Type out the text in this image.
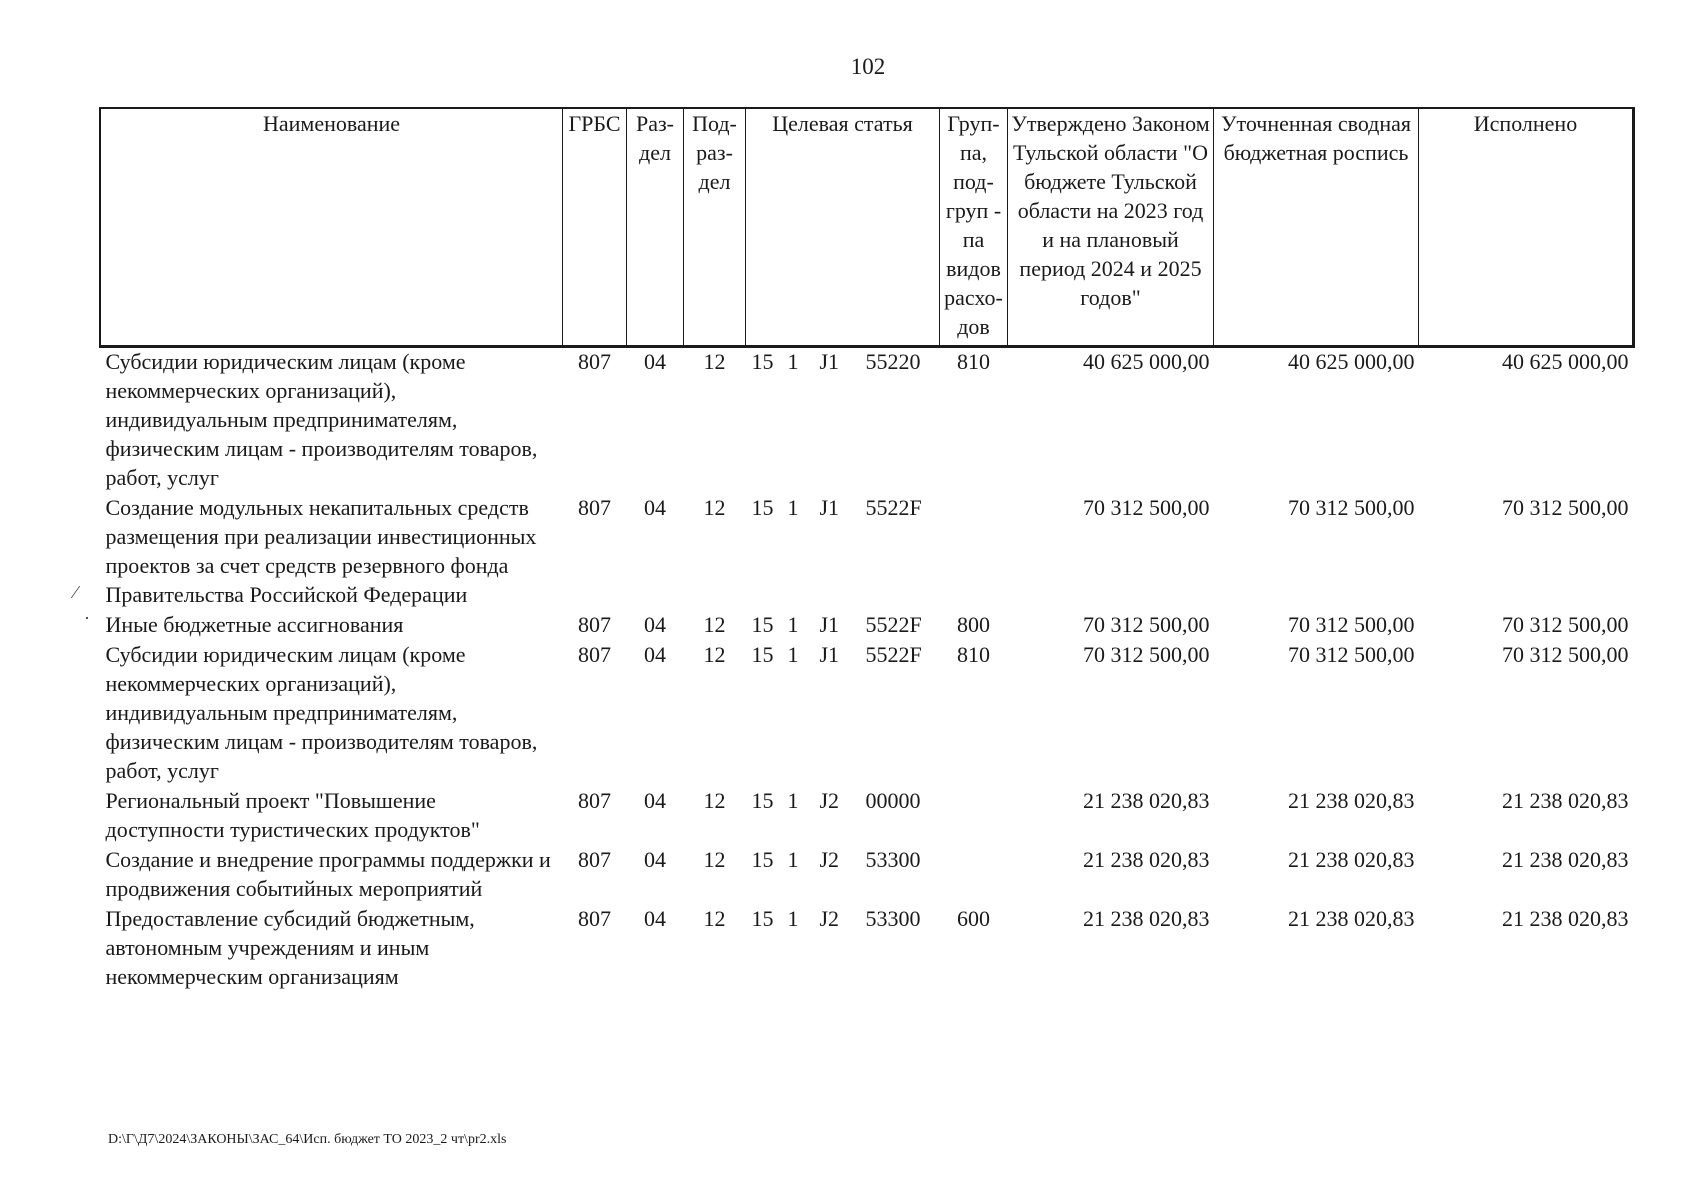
102
⁄
·
Наименование	ГРБС	Раз-дел	Под-раз-дел	Целевая статья	Груп-па, под-груп - па видов расхо-дов	Утверждено Законом Тульской области "О бюджете Тульской области на 2023 год и на плановый период 2024 и 2025 годов"	Уточненная сводная бюджетная роспись	Исполнено
Субсидии юридическим лицам (кроме некоммерческих организаций), индивидуальным предпринимателям, физическим лицам - производителям товаров, работ, услуг	807	04	12	15 1 J1 55220	810	40 625 000,00	40 625 000,00	40 625 000,00
Создание модульных некапитальных средств размещения при реализации инвестиционных проектов за счет средств резервного фонда Правительства Российской Федерации	807	04	12	15 1 J1 5522F		70 312 500,00	70 312 500,00	70 312 500,00
Иные бюджетные ассигнования	807	04	12	15 1 J1 5522F	800	70 312 500,00	70 312 500,00	70 312 500,00
Субсидии юридическим лицам (кроме некоммерческих организаций), индивидуальным предпринимателям, физическим лицам - производителям товаров, работ, услуг	807	04	12	15 1 J1 5522F	810	70 312 500,00	70 312 500,00	70 312 500,00
Региональный проект "Повышение доступности туристических продуктов"	807	04	12	15 1 J2 00000		21 238 020,83	21 238 020,83	21 238 020,83
Создание и внедрение программы поддержки и продвижения событийных мероприятий	807	04	12	15 1 J2 53300		21 238 020,83	21 238 020,83	21 238 020,83
Предоставление субсидий бюджетным, автономным учреждениям и иным некоммерческим организациям	807	04	12	15 1 J2 53300	600	21 238 020,83	21 238 020,83	21 238 020,83
D:\Г\Д7\2024\ЗАКОНЫ\ЗАС_64\Исп. бюджет ТО 2023_2 чт\pr2.xls
